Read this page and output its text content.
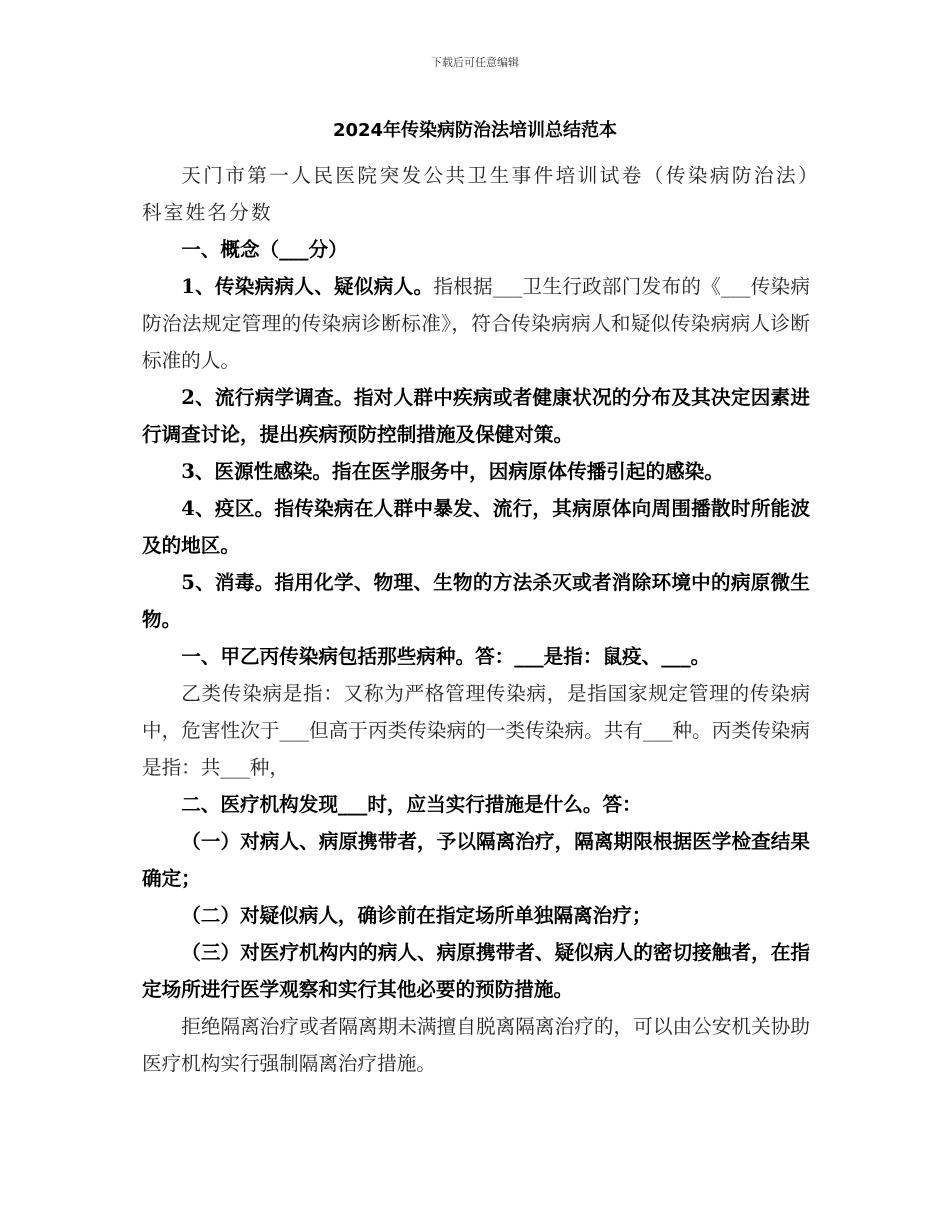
下载后可任意编辑
2024年传染病防治法培训总结范本

天门市第一人民医院突发公共卫生事件培训试卷（传染病防治法）科室姓名分数

一、概念（___分）

1、传染病病人、疑似病人。指根据___卫生行政部门发布的《___传染病防治法规定管理的传染病诊断标准》，符合传染病病人和疑似传染病病人诊断标准的人。

2、流行病学调查。指对人群中疾病或者健康状况的分布及其决定因素进行调查讨论，提出疾病预防控制措施及保健对策。

3、医源性感染。指在医学服务中，因病原体传播引起的感染。

4、疫区。指传染病在人群中暴发、流行，其病原体向周围播散时所能波及的地区。

5、消毒。指用化学、物理、生物的方法杀灭或者消除环境中的病原微生物。

一、甲乙丙传染病包括那些病种。答：___是指：鼠疫、___。

乙类传染病是指：又称为严格管理传染病，是指国家规定管理的传染病中，危害性次于___但高于丙类传染病的一类传染病。共有___种。丙类传染病是指：共___种，

二、医疗机构发现___时，应当实行措施是什么。答：

（一）对病人、病原携带者，予以隔离治疗，隔离期限根据医学检查结果确定；

（二）对疑似病人，确诊前在指定场所单独隔离治疗；

（三）对医疗机构内的病人、病原携带者、疑似病人的密切接触者，在指定场所进行医学观察和实行其他必要的预防措施。

拒绝隔离治疗或者隔离期未满擅自脱离隔离治疗的，可以由公安机关协助医疗机构实行强制隔离治疗措施。
